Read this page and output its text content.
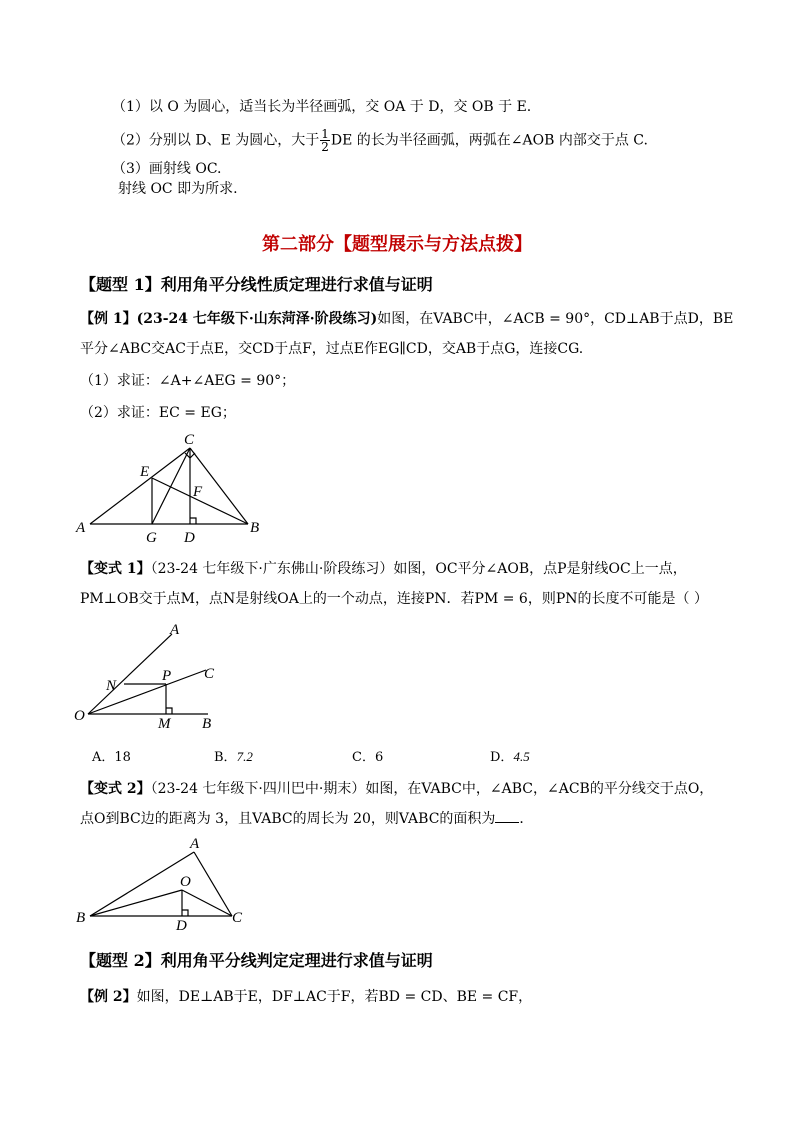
（1）以 O 为圆心，适当长为半径画弧，交 OA 于 D，交 OB 于 E.
（2）分别以 D、E 为圆心，大于 $\frac{1}{2}$ DE 的长为半径画弧，两弧在∠AOB 内部交于点 C.
（3）画射线 OC.
射线 OC 即为所求.
第二部分【题型展示与方法点拨】
【题型 1】利用角平分线性质定理进行求值与证明
【例 1】(23-24 七年级下·山东菏泽·阶段练习)如图，在VABC中，∠ACB = 90°，CD⊥AB于点D，BE
平分∠ABC交AC于点E，交CD于点F，过点E作EG∥CD，交AB于点G，连接CG.
（1）求证：∠A+∠AEG = 90°；
（2）求证：EC = EG；
C
E
F
A
G D
B
【变式 1】（23-24 七年级下·广东佛山·阶段练习）如图，OC平分∠AOB，点P是射线OC上一点，
PM⊥OB交于点M，点N是射线OA上的一个动点，连接PN．若PM = 6，则PN的长度不可能是（ ）
A
P C
N
O	M B
A．18	B．7.2	C．6	D．4.5
【变式 2】（23-24 七年级下·四川巴中·期末）如图，在VABC中，∠ABC，∠ACB的平分线交于点O，
点O到BC边的距离为 3，且VABC的周长为 20，则VABC的面积为 ．
A
O
B	D	C
【题型 2】利用角平分线判定定理进行求值与证明
【例 2】如图，DE⊥AB于E，DF⊥AC于F，若BD = CD、BE = CF，
